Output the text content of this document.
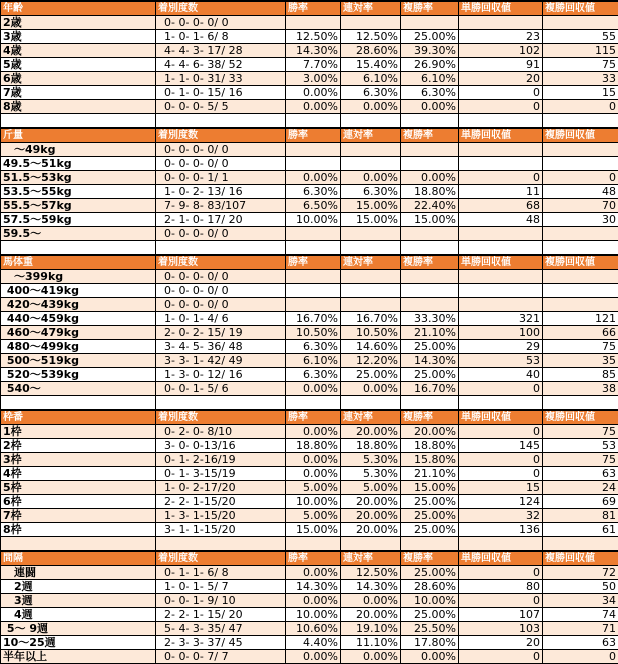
年齢	着別度数	勝率	連対率	複勝率	単勝回収値	複勝回収値
2歳	0- 0- 0- 0/ 0					
3歳	1- 0- 1- 6/ 8	12.50%	12.50%	25.00%	23	55
4歳	4- 4- 3- 17/ 28	14.30%	28.60%	39.30%	102	115
5歳	4- 4- 6- 38/ 52	7.70%	15.40%	26.90%	91	75
6歳	1- 1- 0- 31/ 33	3.00%	6.10%	6.10%	20	33
7歳	0- 1- 0- 15/ 16	0.00%	6.30%	6.30%	0	15
8歳	0- 0- 0- 5/ 5	0.00%	0.00%	0.00%	0	0

斤量	着別度数	勝率	連対率	複勝率	単勝回収値	複勝回収値
　～49kg	0- 0- 0- 0/ 0					
49.5～51kg	0- 0- 0- 0/ 0					
51.5～53kg	0- 0- 0- 1/ 1	0.00%	0.00%	0.00%	0	0
53.5～55kg	1- 0- 2- 13/ 16	6.30%	6.30%	18.80%	11	48
55.5～57kg	7- 9- 8- 83/107	6.50%	15.00%	22.40%	68	70
57.5～59kg	2- 1- 0- 17/ 20	10.00%	15.00%	15.00%	48	30
59.5～	0- 0- 0- 0/ 0					

馬体重	着別度数	勝率	連対率	複勝率	単勝回収値	複勝回収値
　～399kg	0- 0- 0- 0/ 0					
400～419kg	0- 0- 0- 0/ 0					
420～439kg	0- 0- 0- 0/ 0					
440～459kg	1- 0- 1- 4/ 6	16.70%	16.70%	33.30%	321	121
460～479kg	2- 0- 2- 15/ 19	10.50%	10.50%	21.10%	100	66
480～499kg	3- 4- 5- 36/ 48	6.30%	14.60%	25.00%	29	75
500～519kg	3- 3- 1- 42/ 49	6.10%	12.20%	14.30%	53	35
520～539kg	1- 3- 0- 12/ 16	6.30%	25.00%	25.00%	40	85
540～	0- 0- 1- 5/ 6	0.00%	0.00%	16.70%	0	38

枠番	着別度数	勝率	連対率	複勝率	単勝回収値	複勝回収値
1枠	0- 2- 0- 8/10	0.00%	20.00%	20.00%	0	75
2枠	3- 0- 0-13/16	18.80%	18.80%	18.80%	145	53
3枠	0- 1- 2-16/19	0.00%	5.30%	15.80%	0	75
4枠	0- 1- 3-15/19	0.00%	5.30%	21.10%	0	63
5枠	1- 0- 2-17/20	5.00%	5.00%	15.00%	15	24
6枠	2- 2- 1-15/20	10.00%	20.00%	25.00%	124	69
7枠	1- 3- 1-15/20	5.00%	20.00%	25.00%	32	81
8枠	3- 1- 1-15/20	15.00%	20.00%	25.00%	136	61

間隔	着別度数	勝率	連対率	複勝率	単勝回収値	複勝回収値
　連闘	0- 1- 1- 6/ 8	0.00%	12.50%	25.00%	0	72
　2週	1- 0- 1- 5/ 7	14.30%	14.30%	28.60%	80	50
　3週	0- 0- 1- 9/ 10	0.00%	0.00%	10.00%	0	34
　4週	2- 2- 1- 15/ 20	10.00%	20.00%	25.00%	107	74
5～ 9週	5- 4- 3- 35/ 47	10.60%	19.10%	25.50%	103	71
10～25週	2- 3- 3- 37/ 45	4.40%	11.10%	17.80%	20	63
半年以上	0- 0- 0- 7/ 7	0.00%	0.00%	0.00%	0	0
